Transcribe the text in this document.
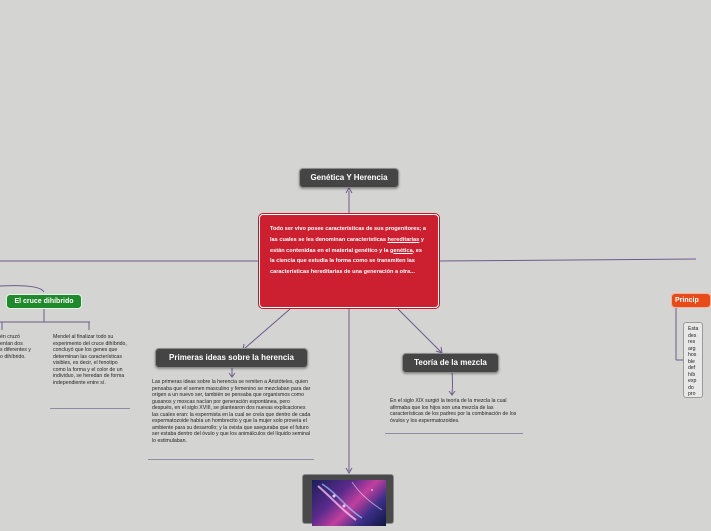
Genética Y Herencia
Todo ser vivo posee características de sus progenitores; a las cuales se les denominan características hereditarias y están contenidas en el material genético y la genética, es la ciencia que estudia la forma como se transmiten las características hereditarias de una generación a otra...
Primeras ideas sobre la herencia
Teoría de la mezcla
Las primeras ideas sobre la herencia se remiten a Aristóteles, quien pensaba que el semen masculino y femenino se mezclaban para dar origen a un nuevo ser, también se pensaba que organismos como gusanos y moscas nacían por generación espontánea, pero después, en el siglo XVIII, se plantearon dos nuevas explicaciones las cuales eran: la espermista en la cual se creía que dentro de cada espermatozoide había un hombrecito y que la mujer solo proveía el ambiente para su desarrollo; y la ovista que aseguraba que el futuro ser estaba dentro del óvulo y que los animálculos del líquido seminal lo estimulaban.
En el siglo XIX surgió la teoría de la mezcla la cual afirmaba que los hijos son una mezcla de las características de los padres por la combinación de los óvulos y los espermatozoides.
El cruce dihíbrido
én cruzó
enían dos
s diferentes y
o dihíbrido.
Mendel al finalizar todo su experimento del cruce dihíbrido, concluyó que los genes que determinan las características visibles, es decir, el fenotipo como la forma y el color de un individuo, se heredan de forma independiente entre sí.
Princip
Esta
des
res
arg
hos
ble
def
híb
exp
do
pro
